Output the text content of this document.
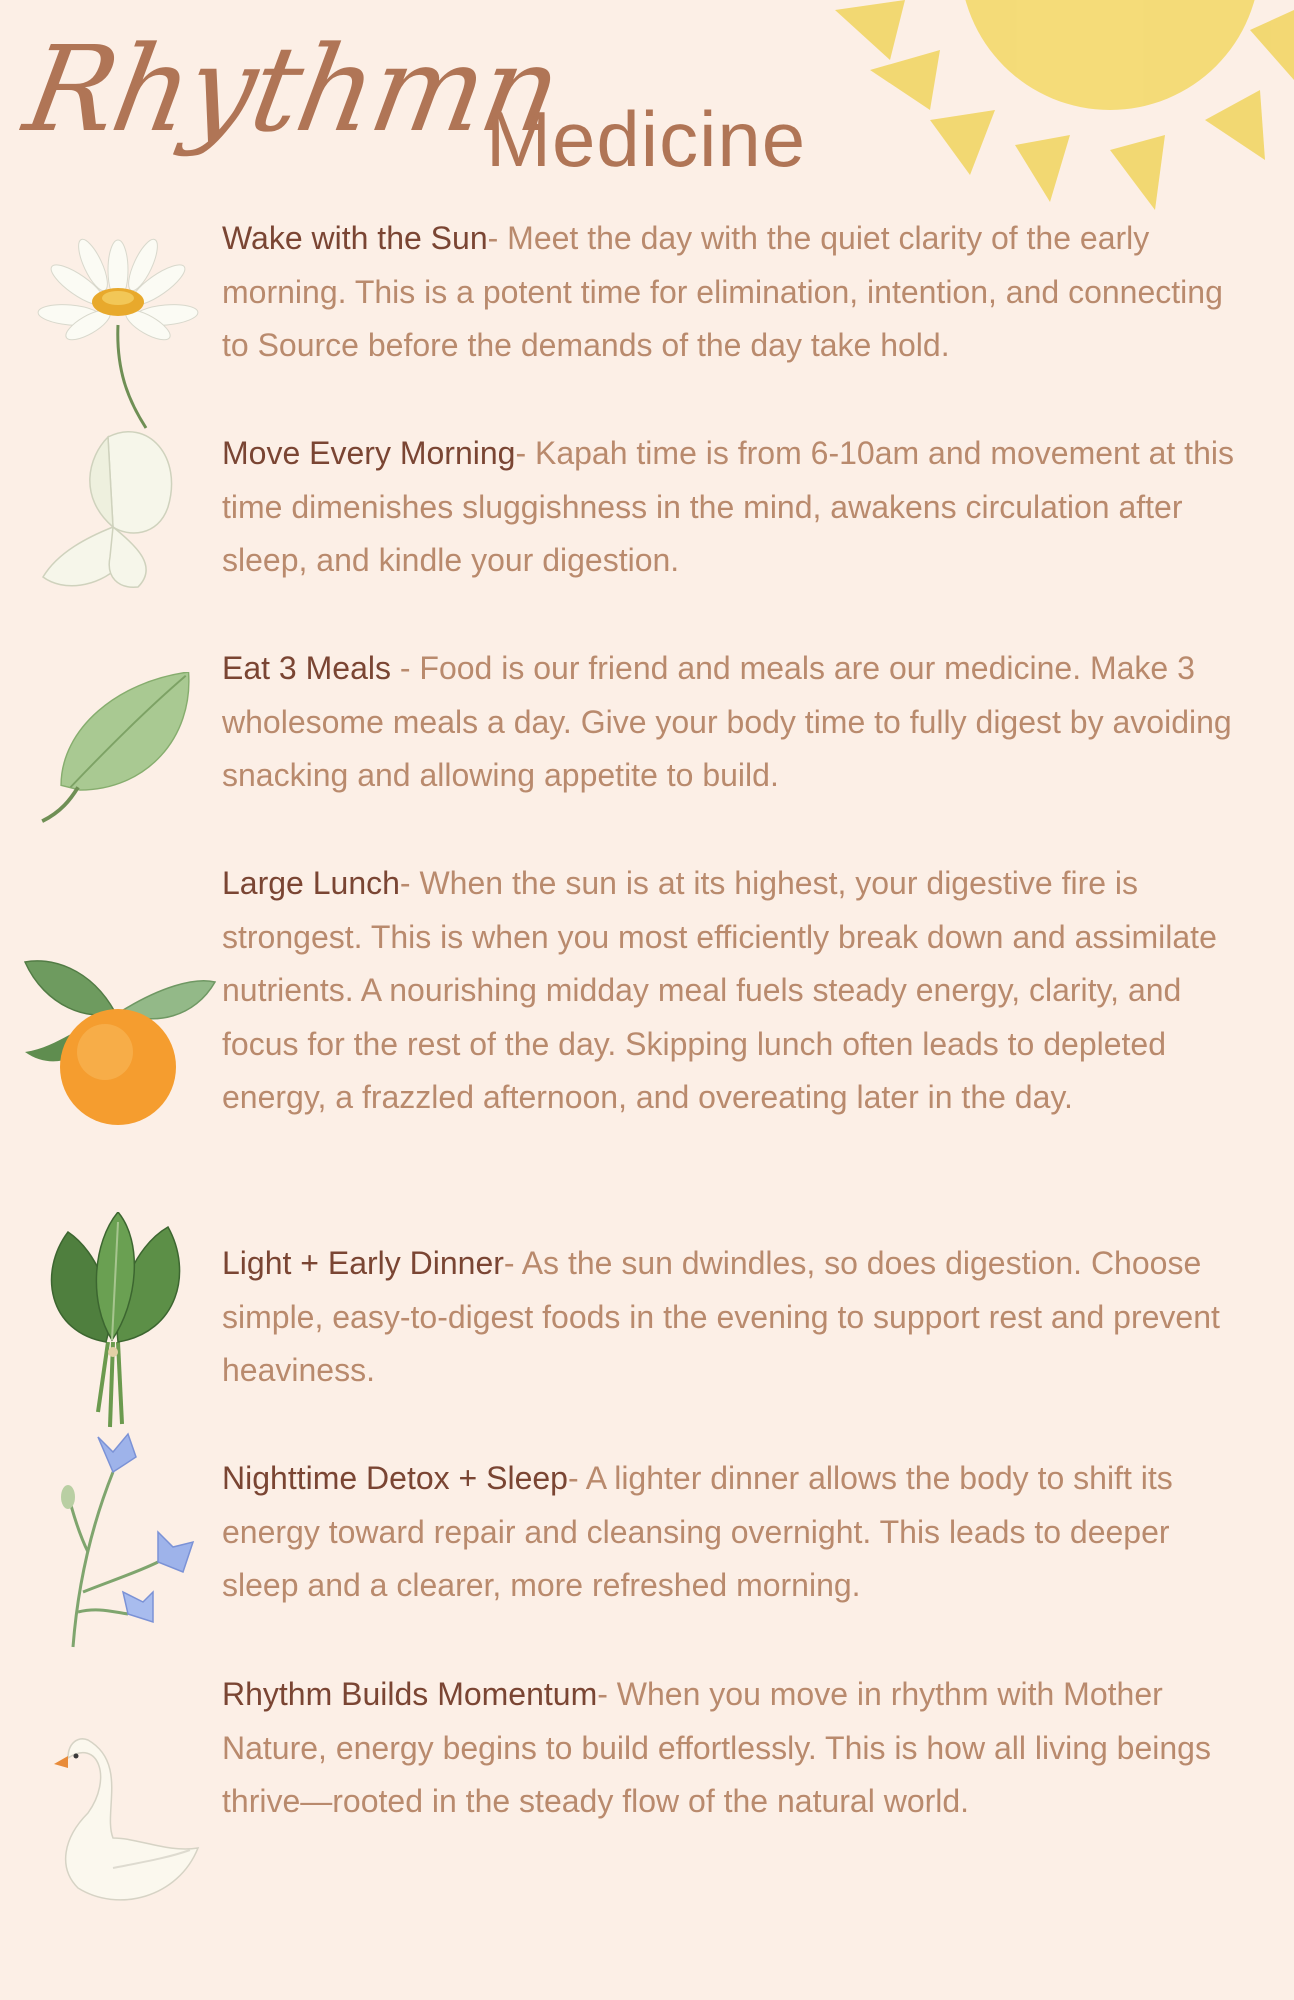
Rhythmn
Medicine

Wake with the Sun- Meet the day with the quiet clarity of the early morning. This is a potent time for elimination, intention, and connecting to Source before the demands of the day take hold.

Move Every Morning- Kapah time is from 6-10am and movement at this time dimenishes sluggishness in the mind, awakens circulation after sleep, and kindle your digestion.

Eat 3 Meals - Food is our friend and meals are our medicine. Make 3 wholesome meals a day. Give your body time to fully digest by avoiding snacking and allowing appetite to build.

Large Lunch- When the sun is at its highest, your digestive fire is strongest. This is when you most efficiently break down and assimilate nutrients. A nourishing midday meal fuels steady energy, clarity, and focus for the rest of the day. Skipping lunch often leads to depleted energy, a frazzled afternoon, and overeating later in the day.

Light + Early Dinner- As the sun dwindles, so does digestion. Choose simple, easy-to-digest foods in the evening to support rest and prevent heaviness.

Nighttime Detox + Sleep- A lighter dinner allows the body to shift its energy toward repair and cleansing overnight. This leads to deeper sleep and a clearer, more refreshed morning.

Rhythm Builds Momentum- When you move in rhythm with Mother Nature, energy begins to build effortlessly. This is how all living beings thrive—rooted in the steady flow of the natural world.
